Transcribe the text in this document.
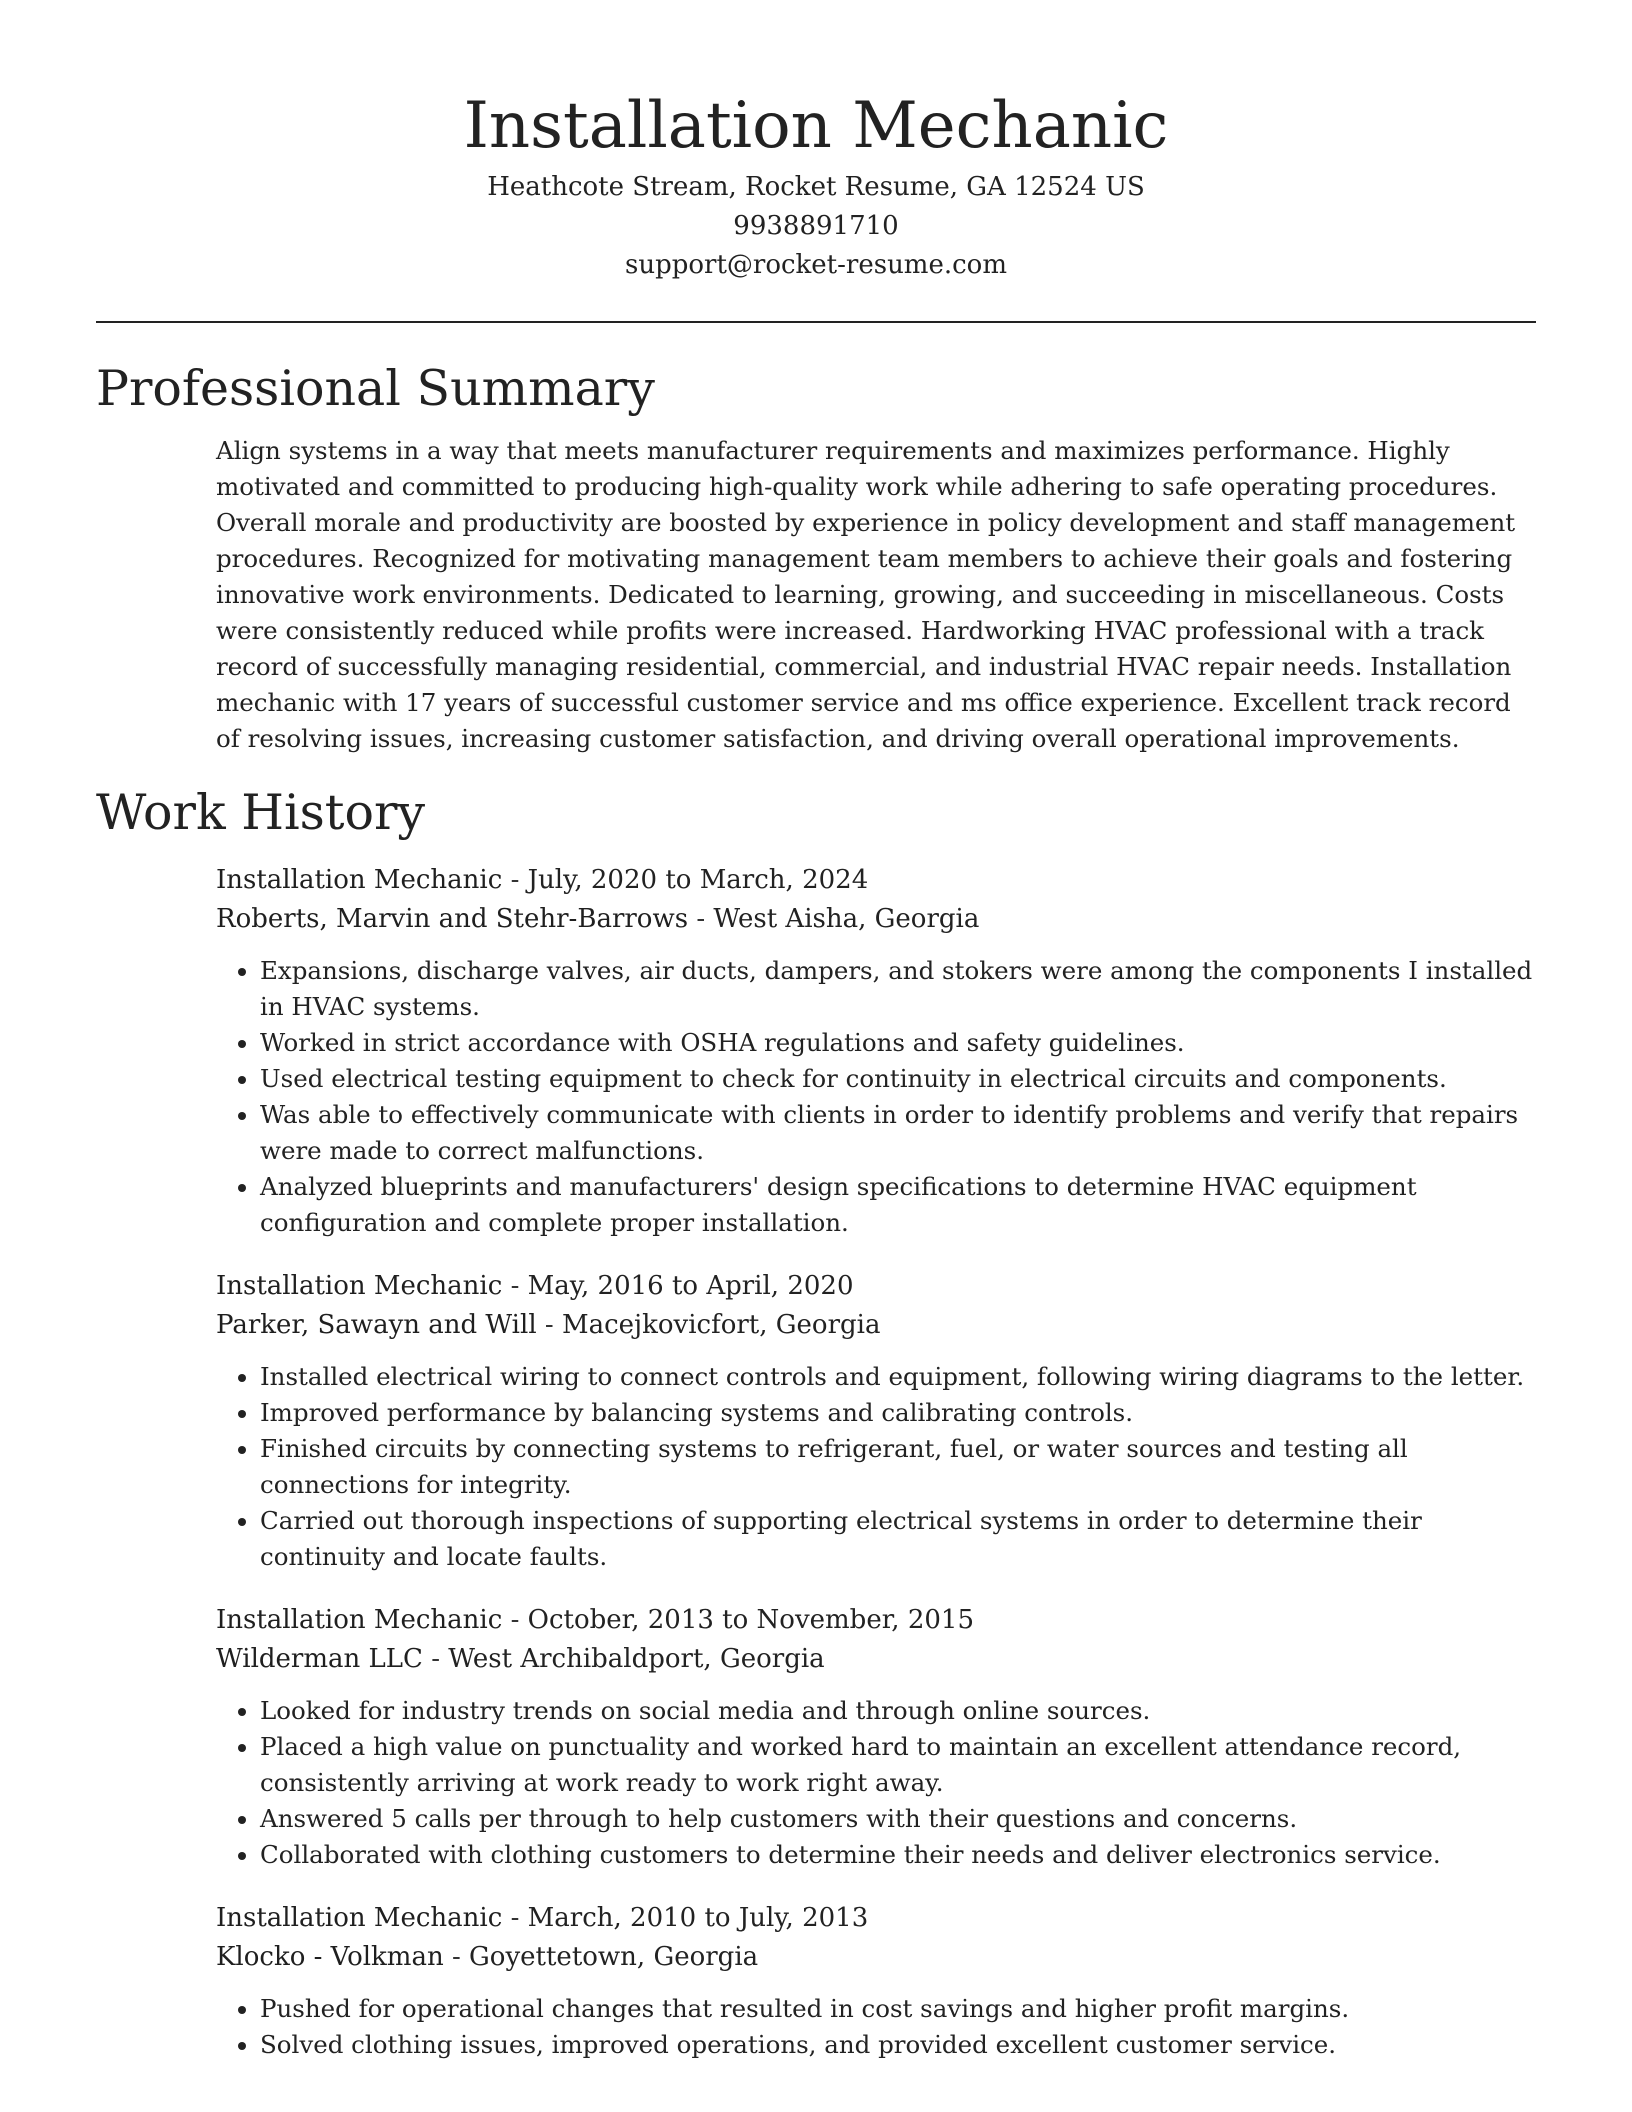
Installation Mechanic

Heathcote Stream, Rocket Resume, GA 12524 US

9938891710

support@rocket-resume.com

Professional Summary

Align systems in a way that meets manufacturer requirements and maximizes performance. Highly motivated and committed to producing high-quality work while adhering to safe operating procedures. Overall morale and productivity are boosted by experience in policy development and staff management procedures. Recognized for motivating management team members to achieve their goals and fostering innovative work environments. Dedicated to learning, growing, and succeeding in miscellaneous. Costs were consistently reduced while profits were increased. Hardworking HVAC professional with a track record of successfully managing residential, commercial, and industrial HVAC repair needs. Installation mechanic with 17 years of successful customer service and ms office experience. Excellent track record of resolving issues, increasing customer satisfaction, and driving overall operational improvements.

Work History

Installation Mechanic - July, 2020 to March, 2024

Roberts, Marvin and Stehr-Barrows - West Aisha, Georgia

• Expansions, discharge valves, air ducts, dampers, and stokers were among the components I installed in HVAC systems.
• Worked in strict accordance with OSHA regulations and safety guidelines.
• Used electrical testing equipment to check for continuity in electrical circuits and components.
• Was able to effectively communicate with clients in order to identify problems and verify that repairs were made to correct malfunctions.
• Analyzed blueprints and manufacturers' design specifications to determine HVAC equipment configuration and complete proper installation.

Installation Mechanic - May, 2016 to April, 2020

Parker, Sawayn and Will - Macejkovicfort, Georgia

• Installed electrical wiring to connect controls and equipment, following wiring diagrams to the letter.
• Improved performance by balancing systems and calibrating controls.
• Finished circuits by connecting systems to refrigerant, fuel, or water sources and testing all connections for integrity.
• Carried out thorough inspections of supporting electrical systems in order to determine their continuity and locate faults.

Installation Mechanic - October, 2013 to November, 2015

Wilderman LLC - West Archibaldport, Georgia

• Looked for industry trends on social media and through online sources.
• Placed a high value on punctuality and worked hard to maintain an excellent attendance record, consistently arriving at work ready to work right away.
• Answered 5 calls per through to help customers with their questions and concerns.
• Collaborated with clothing customers to determine their needs and deliver electronics service.

Installation Mechanic - March, 2010 to July, 2013

Klocko - Volkman - Goyettetown, Georgia

• Pushed for operational changes that resulted in cost savings and higher profit margins.
• Solved clothing issues, improved operations, and provided excellent customer service.
